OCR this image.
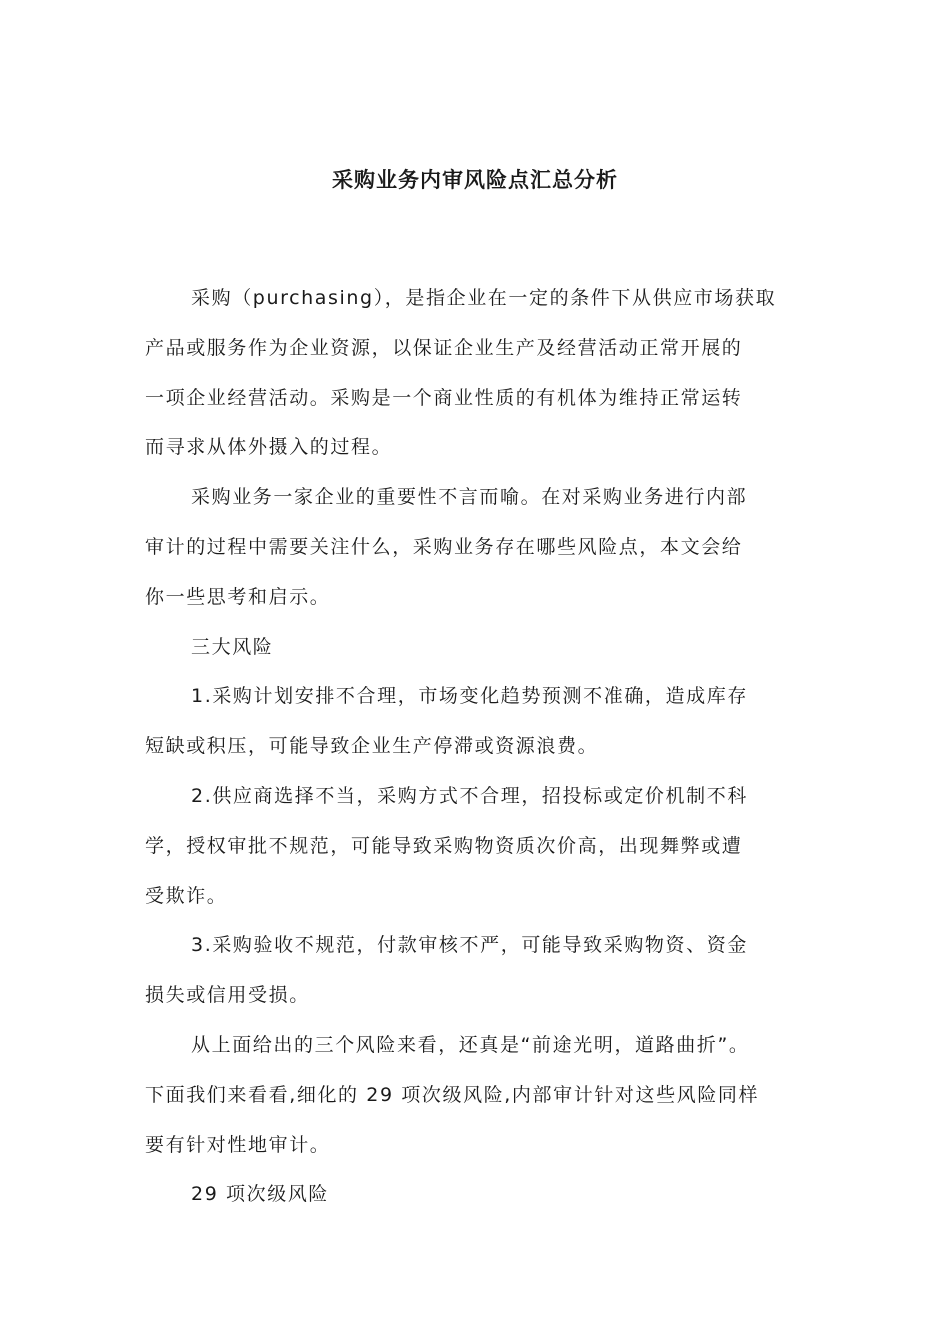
采购业务内审风险点汇总分析

采购（purchasing），是指企业在一定的条件下从供应市场获取
产品或服务作为企业资源，以保证企业生产及经营活动正常开展的
一项企业经营活动。采购是一个商业性质的有机体为维持正常运转
而寻求从体外摄入的过程。

采购业务一家企业的重要性不言而喻。在对采购业务进行内部
审计的过程中需要关注什么，采购业务存在哪些风险点，本文会给
你一些思考和启示。

三大风险

1.采购计划安排不合理，市场变化趋势预测不准确，造成库存
短缺或积压，可能导致企业生产停滞或资源浪费。

2.供应商选择不当，采购方式不合理，招投标或定价机制不科
学，授权审批不规范，可能导致采购物资质次价高，出现舞弊或遭
受欺诈。

3.采购验收不规范，付款审核不严，可能导致采购物资、资金
损失或信用受损。

从上面给出的三个风险来看，还真是“前途光明，道路曲折”。
下面我们来看看,细化的 29 项次级风险,内部审计针对这些风险同样
要有针对性地审计。

29 项次级风险
